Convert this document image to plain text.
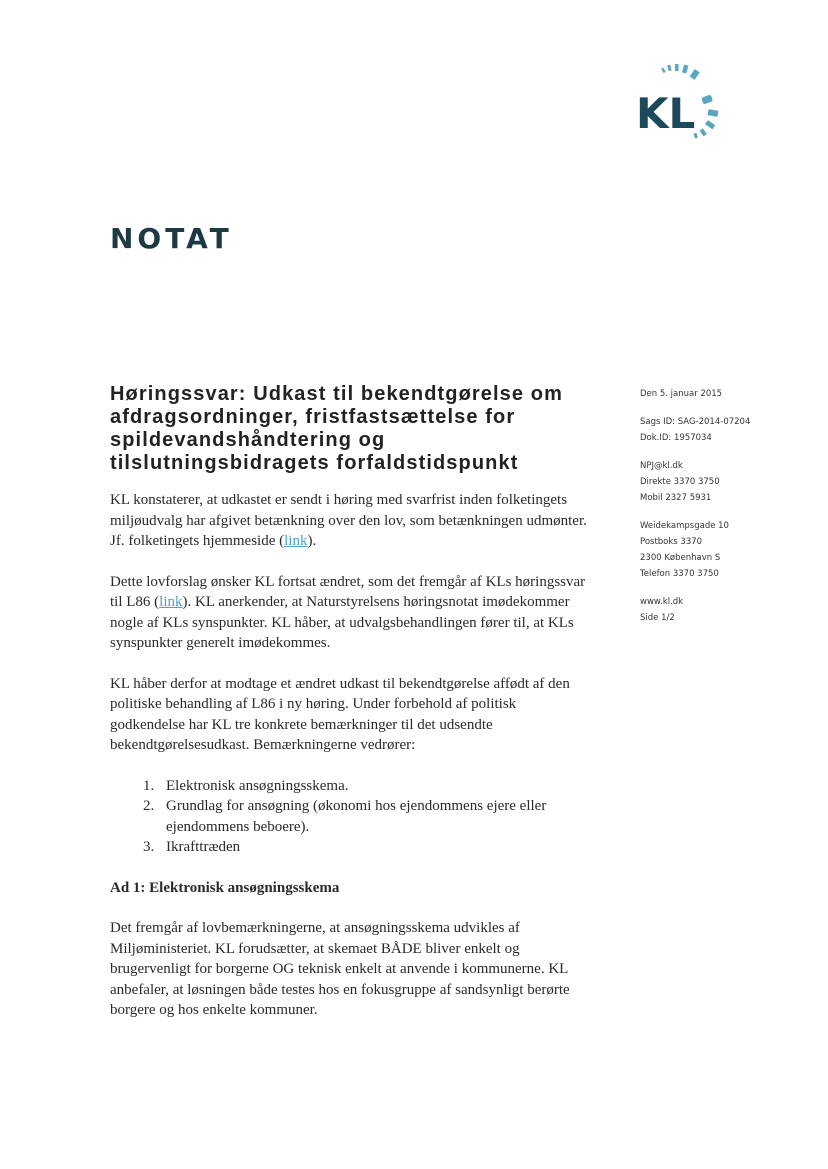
KL
NOTAT
Høringssvar: Udkast til bekendtgørelse om
afdragsordninger, fristfastsættelse for
spildevandshåndtering og
tilslutningsbidragets forfaldstidspunkt
Den 5. januar 2015
Sags ID: SAG-2014-07204
Dok.ID: 1957034
NPJ@kl.dk
Direkte 3370 3750
Mobil 2327 5931
Weidekampsgade 10
Postboks 3370
2300 København S
Telefon 3370 3750
www.kl.dk
Side 1/2

KL konstaterer, at udkastet er sendt i høring med svarfrist inden folketingets miljøudvalg har afgivet betænkning over den lov, som betænkningen udmønter. Jf. folketingets hjemmeside (link).

Dette lovforslag ønsker KL fortsat ændret, som det fremgår af KLs høringssvar til L86 (link). KL anerkender, at Naturstyrelsens høringsnotat imødekommer nogle af KLs synspunkter. KL håber, at udvalgsbehandlingen fører til, at KLs synspunkter generelt imødekommes.

KL håber derfor at modtage et ændret udkast til bekendtgørelse affødt af den politiske behandling af L86 i ny høring. Under forbehold af politisk godkendelse har KL tre konkrete bemærkninger til det udsendte bekendtgørelsesudkast. Bemærkningerne vedrører:

1. Elektronisk ansøgningsskema.
2. Grundlag for ansøgning (økonomi hos ejendommens ejere eller ejendommens beboere).
3. Ikrafttræden

Ad 1: Elektronisk ansøgningsskema

Det fremgår af lovbemærkningerne, at ansøgningsskema udvikles af Miljøministeriet. KL forudsætter, at skemaet BÅDE bliver enkelt og brugervenligt for borgerne OG teknisk enkelt at anvende i kommunerne. KL anbefaler, at løsningen både testes hos en fokusgruppe af sandsynligt berørte borgere og hos enkelte kommuner.
